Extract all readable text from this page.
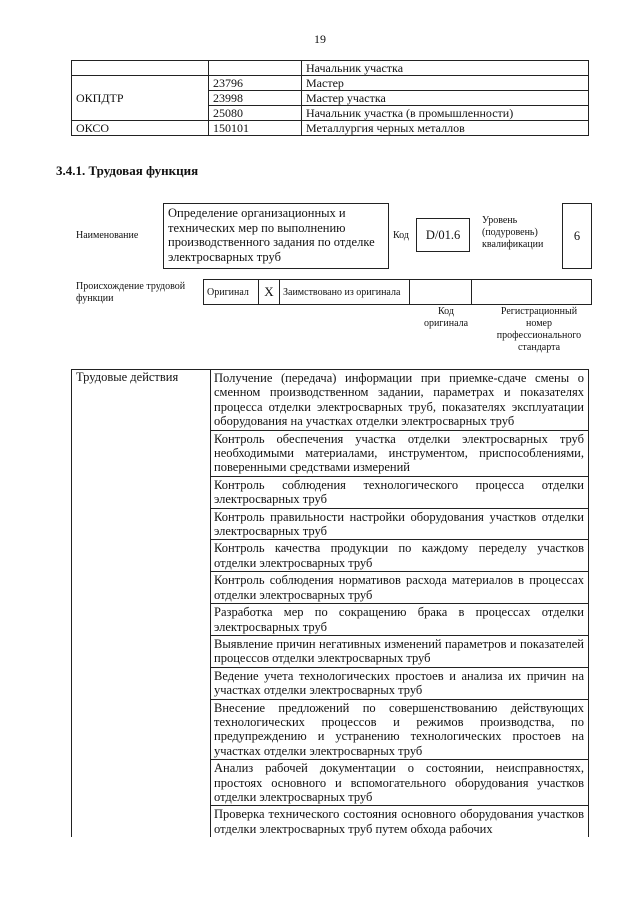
19
		Начальник участка
ОКПДТР	23796	Мастер
	23998	Мастер участка
	25080	Начальник участка (в промышленности)
ОКСО	150101	Металлургия черных металлов
3.4.1. Трудовая функция
Наименование
Определение организационных и технических мер по выполнению производственного задания по отделке электросварных труб
Код	D/01.6
Уровень (подуровень) квалификации
6
Происхождение трудовой функции
Оригинал	X	Заимствовано из оригинала		
Код оригинала
Регистрационный номер профессионального стандарта
Трудовые действия	Получение (передача) информации при приемке-сдаче смены о сменном производственном задании, параметрах и показателях процесса отделки электросварных труб, показателях эксплуатации оборудования на участках отделки электросварных труб
Контроль обеспечения участка отделки электросварных труб необходимыми материалами, инструментом, приспособлениями, поверенными средствами измерений
Контроль соблюдения технологического процесса отделки электросварных труб
Контроль правильности настройки оборудования участков отделки электросварных труб
Контроль качества продукции по каждому переделу участков отделки электросварных труб
Контроль соблюдения нормативов расхода материалов в процессах отделки электросварных труб
Разработка мер по сокращению брака в процессах отделки электросварных труб
Выявление причин негативных изменений параметров и показателей процессов отделки электросварных труб
Ведение учета технологических простоев и анализа их причин на участках отделки электросварных труб
Внесение предложений по совершенствованию действующих технологических процессов и режимов производства, по предупреждению и устранению технологических простоев на участках отделки электросварных труб
Анализ рабочей документации о состоянии, неисправностях, простоях основного и вспомогательного оборудования участков отделки электросварных труб
Проверка технического состояния основного оборудования участков отделки электросварных труб путем обхода рабочих
